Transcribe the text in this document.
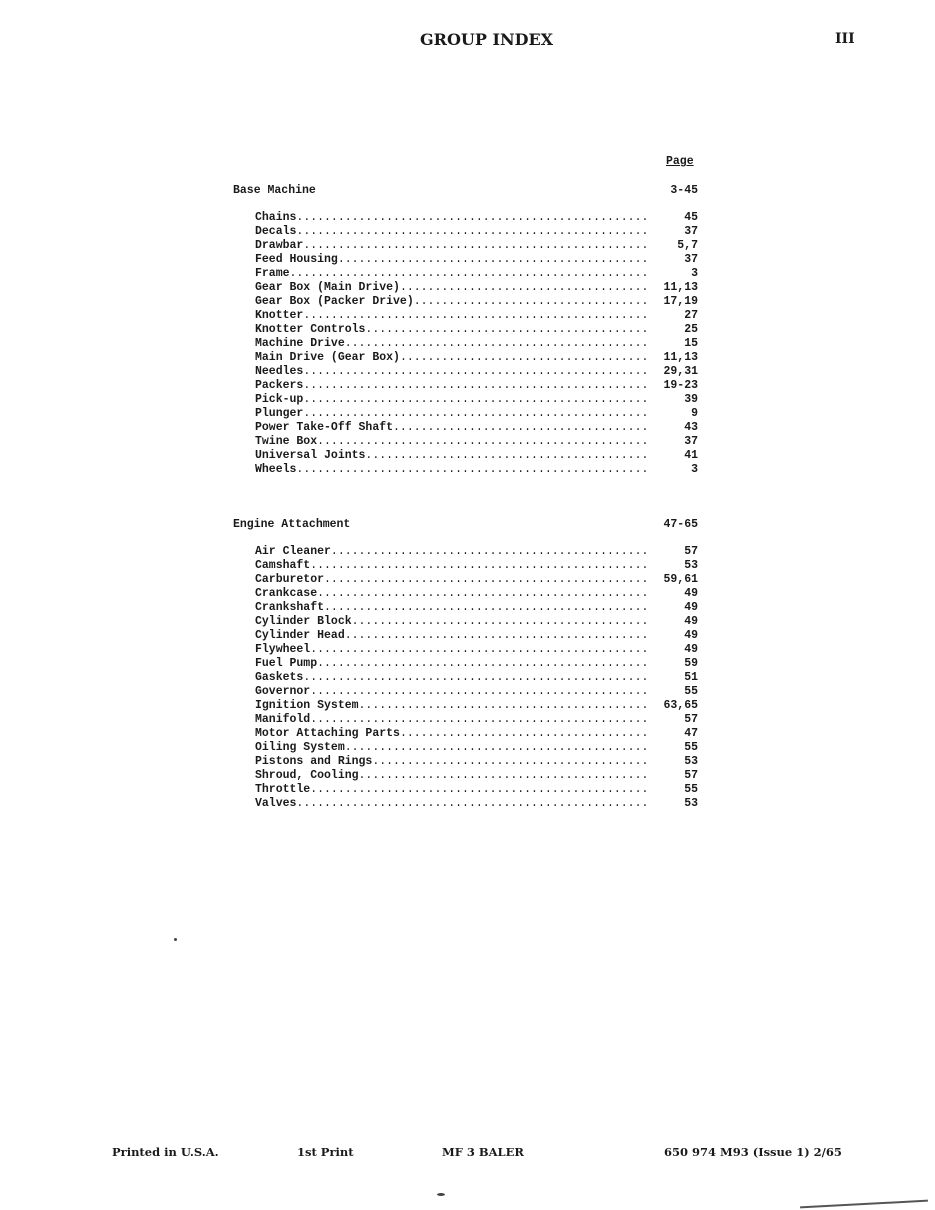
GROUP INDEX	III
Page
Base Machine	3-45
Chains .....	45
Decals .....	37
Drawbar .....	5,7
Feed Housing .....	37
Frame .....	3
Gear Box (Main Drive) .....	11,13
Gear Box (Packer Drive) .....	17,19
Knotter .....	27
Knotter Controls .....	25
Machine Drive .....	15
Main Drive (Gear Box) .....	11,13
Needles .....	29,31
Packers .....	19-23
Pick-up .....	39
Plunger .....	9
Power Take-Off Shaft .....	43
Twine Box .....	37
Universal Joints .....	41
Wheels .....	3
Engine Attachment	47-65
Air Cleaner .....	57
Camshaft .....	53
Carburetor .....	59,61
Crankcase .....	49
Crankshaft .....	49
Cylinder Block .....	49
Cylinder Head .....	49
Flywheel .....	49
Fuel Pump .....	59
Gaskets .....	51
Governor .....	55
Ignition System .....	63,65
Manifold .....	57
Motor Attaching Parts .....	47
Oiling System .....	55
Pistons and Rings .....	53
Shroud, Cooling .....	57
Throttle .....	55
Valves .....	53
Printed in U.S.A.	1st Print	MF 3 BALER	650 974 M93 (Issue 1) 2/65
